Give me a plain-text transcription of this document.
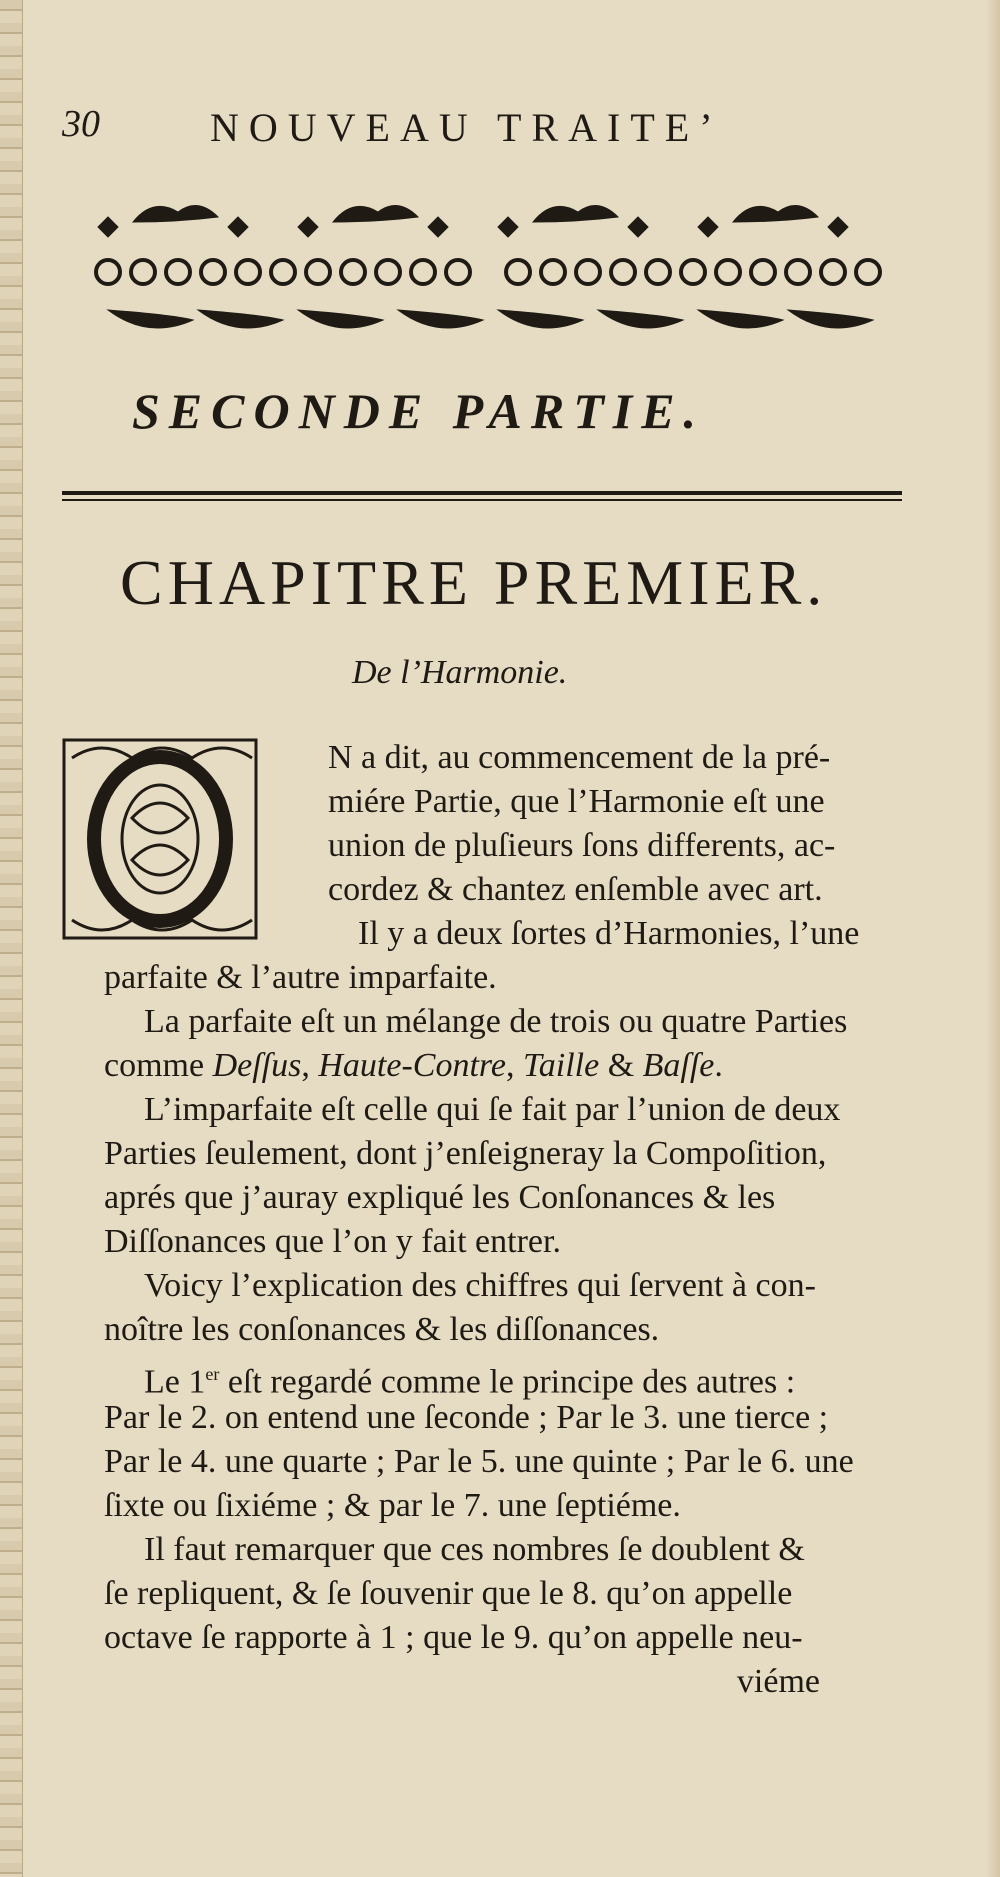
30	NOUVEAU TRAITE’
SECONDE PARTIE.
CHAPITRE PREMIER.
De l’Harmonie.
O
N a dit, au commencement de la pré-
miére Partie, que l’Harmonie eſt une
union de pluſieurs ſons differents, ac-
cordez & chantez enſemble avec art.
Il y a deux ſortes d’Harmonies, l’une
parfaite & l’autre imparfaite.
La parfaite eſt un mélange de trois ou quatre Parties
comme Deſſus, Haute-Contre, Taille & Baſſe.
L’imparfaite eſt celle qui ſe fait par l’union de deux
Parties ſeulement, dont j’enſeigneray la Compoſition,
aprés que j’auray expliqué les Conſonances & les
Diſſonances que l’on y fait entrer.
Voicy l’explication des chiffres qui ſervent à con-
noître les conſonances & les diſſonances.
Le 1er eſt regardé comme le principe des autres :
Par le 2. on entend une ſeconde ; Par le 3. une tierce ;
Par le 4. une quarte ; Par le 5. une quinte ; Par le 6. une
ſixte ou ſixiéme ; & par le 7. une ſeptiéme.
Il faut remarquer que ces nombres ſe doublent &
ſe repliquent, & ſe ſouvenir que le 8. qu’on appelle
octave ſe rapporte à 1 ; que le 9. qu’on appelle neu-
viéme
